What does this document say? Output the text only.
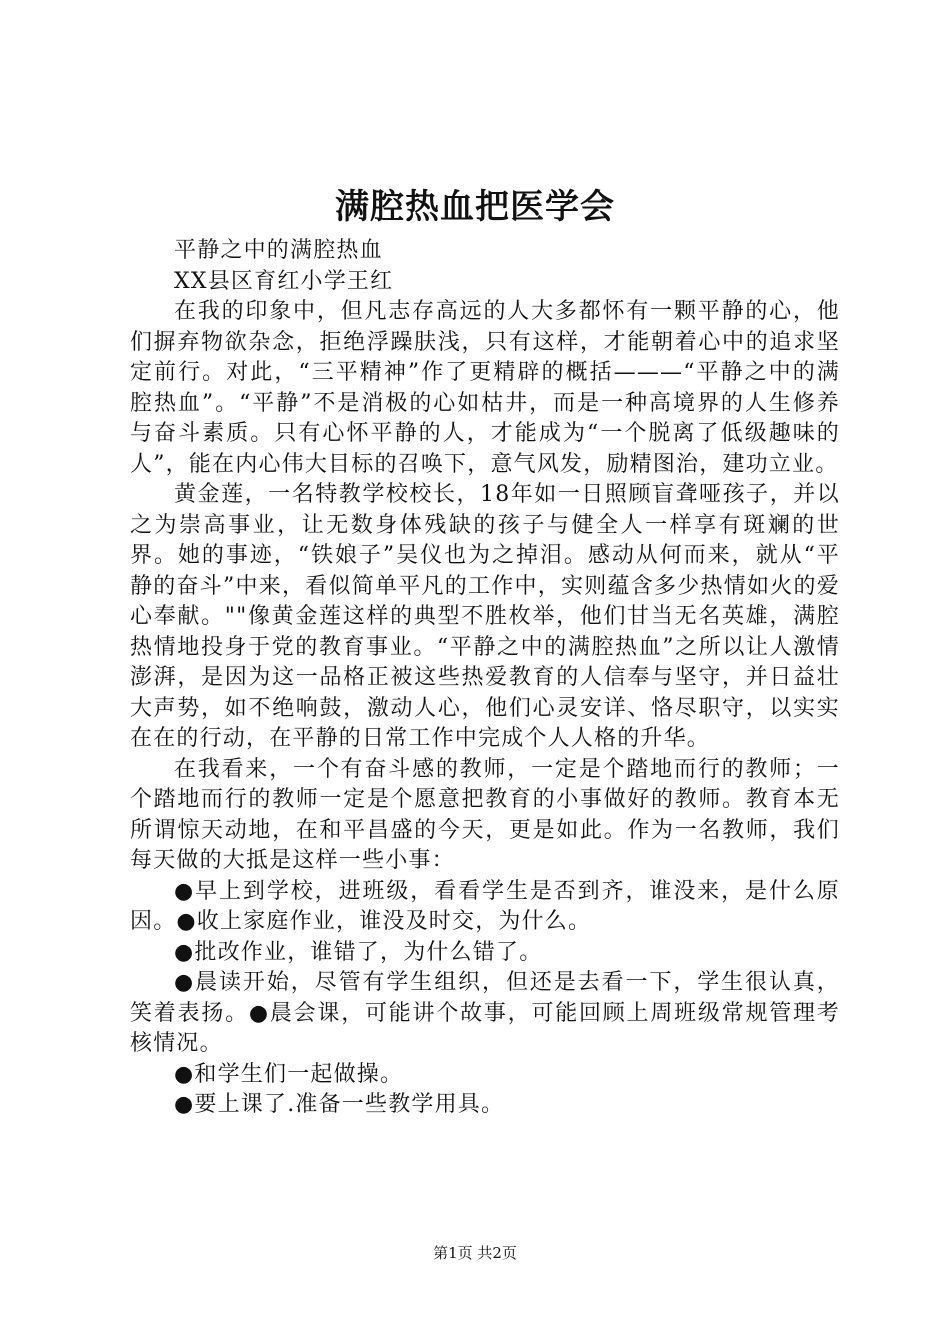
满腔热血把医学会

平静之中的满腔热血

XX县区育红小学王红

在我的印象中，但凡志存高远的人大多都怀有一颗平静的心，他们摒弃物欲杂念，拒绝浮躁肤浅，只有这样，才能朝着心中的追求坚定前行。对此，“三平精神”作了更精辟的概括———“平静之中的满腔热血”。“平静”不是消极的心如枯井，而是一种高境界的人生修养与奋斗素质。只有心怀平静的人，才能成为“一个脱离了低级趣味的人”，能在内心伟大目标的召唤下，意气风发，励精图治，建功立业。

黄金莲，一名特教学校校长，18年如一日照顾盲聋哑孩子，并以之为崇高事业，让无数身体残缺的孩子与健全人一样享有斑斓的世界。她的事迹，“铁娘子”吴仪也为之掉泪。感动从何而来，就从“平静的奋斗”中来，看似简单平凡的工作中，实则蕴含多少热情如火的爱心奉献。""像黄金莲这样的典型不胜枚举，他们甘当无名英雄，满腔热情地投身于党的教育事业。“平静之中的满腔热血”之所以让人激情澎湃，是因为这一品格正被这些热爱教育的人信奉与坚守，并日益壮大声势，如不绝响鼓，激动人心，他们心灵安详、恪尽职守，以实实在在的行动，在平静的日常工作中完成个人人格的升华。

在我看来，一个有奋斗感的教师，一定是个踏地而行的教师；一个踏地而行的教师一定是个愿意把教育的小事做好的教师。教育本无所谓惊天动地，在和平昌盛的今天，更是如此。作为一名教师，我们每天做的大抵是这样一些小事：

●早上到学校，进班级，看看学生是否到齐，谁没来，是什么原因。●收上家庭作业，谁没及时交，为什么。

●批改作业，谁错了，为什么错了。

●晨读开始，尽管有学生组织，但还是去看一下，学生很认真，笑着表扬。●晨会课，可能讲个故事，可能回顾上周班级常规管理考核情况。

●和学生们一起做操。

●要上课了.准备一些教学用具。

第1页 共2页
